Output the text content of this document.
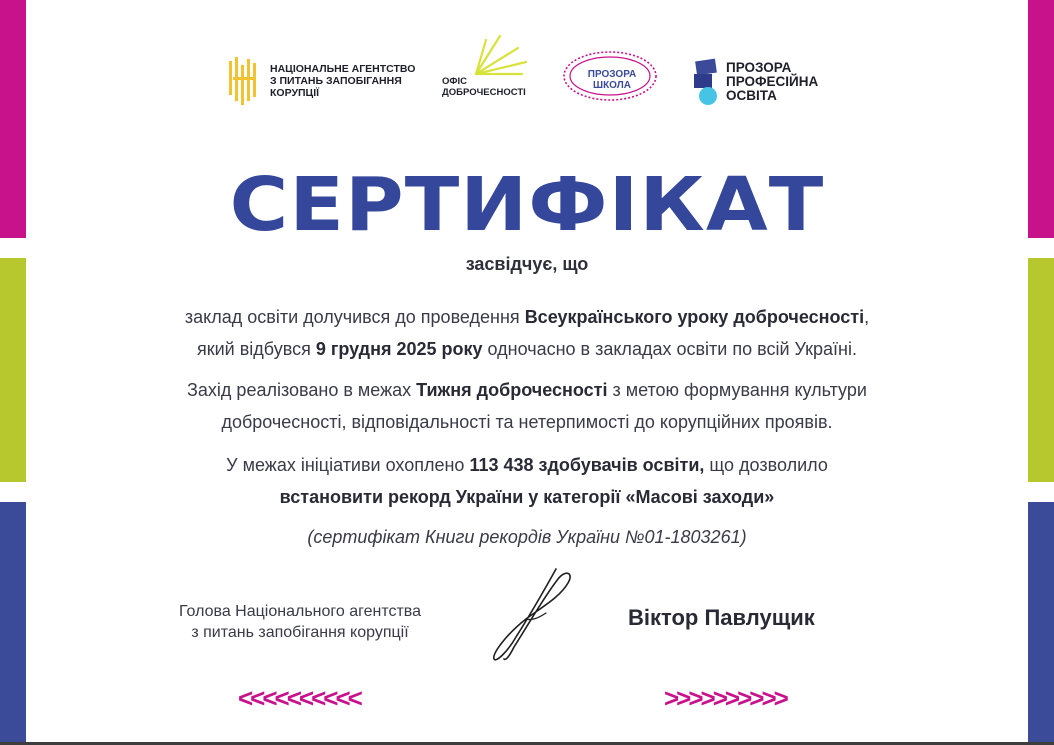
НАЦІОНАЛЬНЕ АГЕНТСТВО
З ПИТАНЬ ЗАПОБІГАННЯ
КОРУПЦІЇ
ОФІС
ДОБРОЧЕСНОСТІ
ПРОЗОРА
ШКОЛА
ПРОЗОРА
ПРОФЕСІЙНА
ОСВІТА
СЕРТИФІКАТ
засвідчує, що
заклад освіти долучився до проведення Всеукраїнського уроку доброчесності,
який відбувся 9 грудня 2025 року одночасно в закладах освіти по всій Україні.
Захід реалізовано в межах Тижня доброчесності з метою формування культури
доброчесності, відповідальності та нетерпимості до корупційних проявів.
У межах ініціативи охоплено 113 438 здобувачів освіти, що дозволило
встановити рекорд України у категорії «Масові заходи»
(сертифікат Книги рекордів України №01-1803261)
Голова Національного агентства
з питань запобігання корупції
Віктор Павлущик
<<<<<<<<<<	>>>>>>>>>>
